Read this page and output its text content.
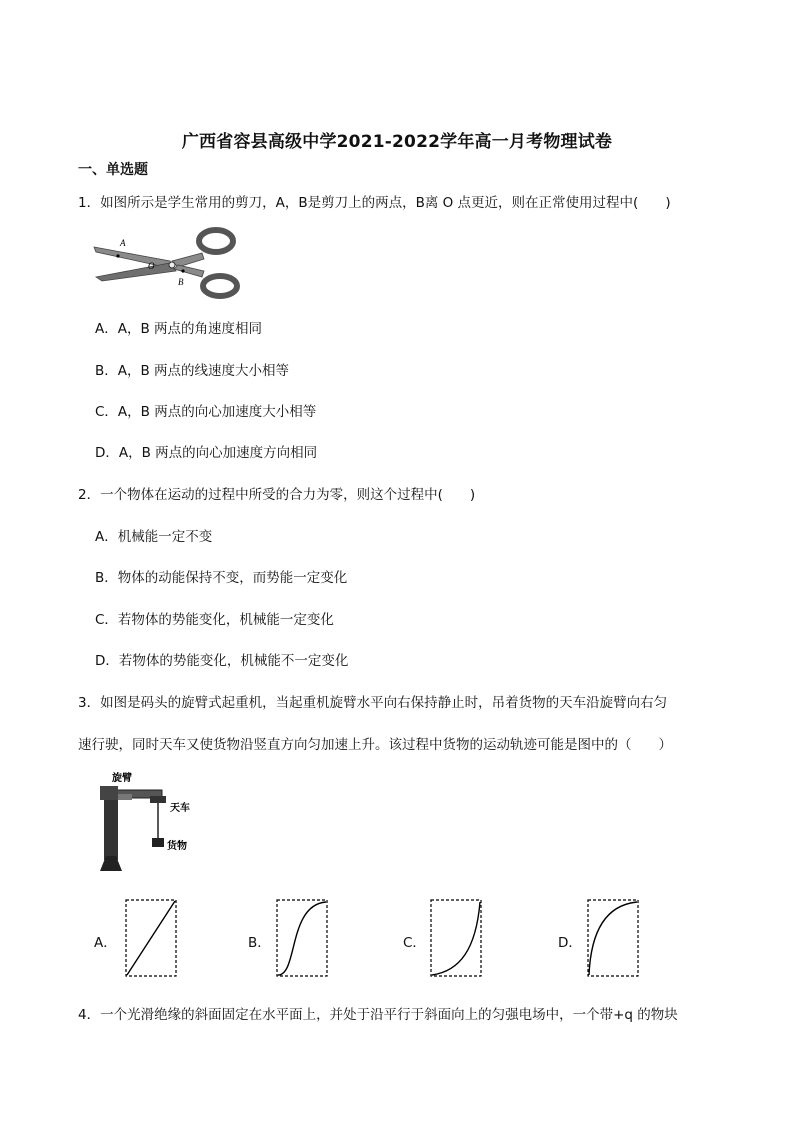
广西省容县高级中学2021-2022学年高一月考物理试卷
一、单选题
1．如图所示是学生常用的剪刀，A，B是剪刀上的两点，B离 O 点更近，则在正常使用过程中(　　)
A
O
B
A．A，B 两点的角速度相同
B．A，B 两点的线速度大小相等
C．A，B 两点的向心加速度大小相等
D．A，B 两点的向心加速度方向相同
2．一个物体在运动的过程中所受的合力为零，则这个过程中(　　)
A．机械能一定不变
B．物体的动能保持不变，而势能一定变化
C．若物体的势能变化，机械能一定变化
D．若物体的势能变化，机械能不一定变化
3．如图是码头的旋臂式起重机，当起重机旋臂水平向右保持静止时，吊着货物的天车沿旋臂向右匀
速行驶，同时天车又使货物沿竖直方向匀加速上升。该过程中货物的运动轨迹可能是图中的（　　）
旋臂
天车
货物
A．	B．	C．	D．
4．一个光滑绝缘的斜面固定在水平面上，并处于沿平行于斜面向上的匀强电场中，一个带+q 的物块
